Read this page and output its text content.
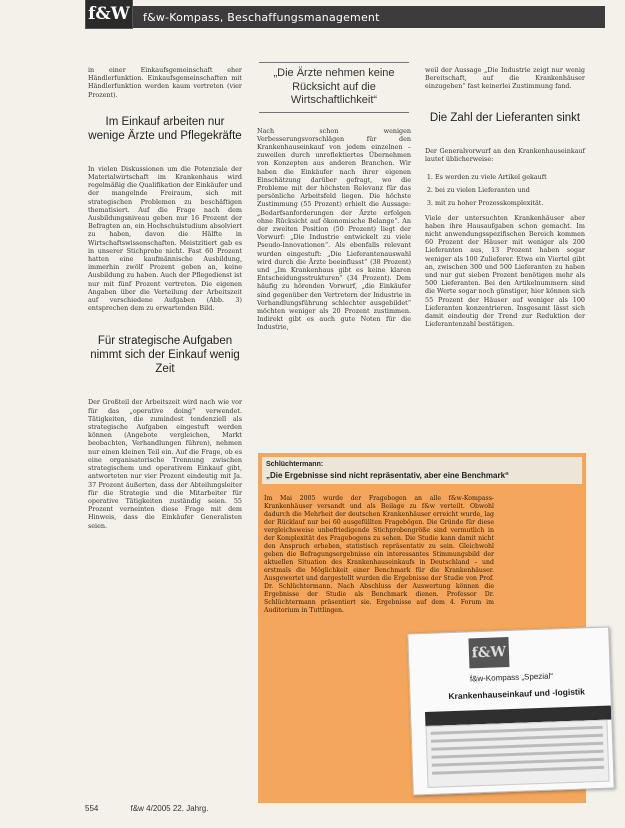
f&W f&w-Kompass, Beschaffungsmanagement

in einer Einkaufsgemeinschaft eher Händlerfunktion. Einkaufsgemeinschaften mit Händlerfunktion werden kaum vertreten (vier Prozent).

Im Einkauf arbeiten nur wenige Ärzte und Pflegekräfte

In vielen Diskussionen um die Potenziale der Materialwirtschaft im Krankenhaus wird regelmäßig die Qualifikation der Einkäufer und der mangelnde Freiraum, sich mit strategischen Problemen zu beschäftigen thematisiert. Auf die Frage nach dem Ausbildungsniveau geben nur 16 Prozent der Befragten an, ein Hochschulstudium absolviert zu haben, davon die Hälfte in Wirtschaftswissenschaften. Meistzitiert gab es in unserer Stichprobe nicht. Fast 60 Prozent hatten eine kaufmännische Ausbildung, immerhin zwölf Prozent geben an, keine Ausbildung zu haben. Auch der Pflegedienst ist nur mit fünf Prozent vertreten. Die eigenen Angaben über die Verteilung der Arbeitszeit auf verschiedene Aufgaben (Abb. 3) entsprechen dem zu erwartenden Bild.

Für strategische Aufgaben nimmt sich der Einkauf wenig Zeit

Der Großteil der Arbeitszeit wird nach wie vor für das „operative doing“ verwendet. Tätigkeiten, die zumindest tendenziell als strategische Aufgaben eingestuft werden können (Angebote vergleichen, Markt beobachten, Verhandlungen führen), nehmen nur einen kleinen Teil ein. Auf die Frage, ob es eine organisatorische Trennung zwischen strategischem und operativem Einkauf gibt, antworteten nur vier Prozent eindeutig mit Ja. 37 Prozent äußerten, dass der Abteilungsleiter für die Strategie und die Mitarbeiter für operative Tätigkeiten zuständig seien. 55 Prozent verneinten diese Frage mit dem Hinweis, dass die Einkäufer Generalisten seien.

„Die Ärzte nehmen keine Rücksicht auf die Wirtschaftlichkeit“

Nach schon wenigen Verbesserungsvorschlägen für den Krankenhauseinkauf von jedem einzelnen – zuweilen durch unreflektiertes Übernehmen von Konzepten aus anderen Branchen. Wir haben die Einkäufer nach ihrer eigenen Einschätzung darüber gefragt, wo die Probleme mit der höchsten Relevanz für das persönliche Arbeitsfeld liegen. Die höchste Zustimmung (55 Prozent) erhielt die Aussage: „Bedarfsanforderungen der Ärzte erfolgen ohne Rücksicht auf ökonomische Belange“. An der zweiten Position (50 Prozent) liegt der Vorwurf: „Die Industrie entwickelt zu viele Pseudo-Innovationen“. Als ebenfalls relevant wurden eingestuft: „Die Lieferantenauswahl wird durch die Ärzte beeinflusst“ (38 Prozent) und „Im Krankenhaus gibt es keine klaren Entscheidungsstrukturen“ (34 Prozent). Dem häufig zu hörenden Vorwurf, „die Einkäufer sind gegenüber den Vertretern der Industrie in Verhandlungsführung schlechter ausgebildet“ möchten weniger als 20 Prozent zustimmen. Indirekt gibt es auch gute Noten für die Industrie,

weil der Aussage „Die Industrie zeigt nur wenig Bereitschaft, auf die Krankenhäuser einzugehen“ fast keinerlei Zustimmung fand.

Die Zahl der Lieferanten sinkt

Der Generalvorwurf an den Krankenhauseinkauf lautet üblicherweise:

1. Es werden zu viele Artikel gekauft
2. bei zu vielen Lieferanten und
3. mit zu hoher Prozesskomplexität.

Viele der untersuchten Krankenhäuser aber haben ihre Hausaufgaben schon gemacht. Im nicht anwendungsspezifischen Bereich kommen 60 Prozent der Häuser mit weniger als 200 Lieferanten aus, 13 Prozent haben sogar weniger als 100 Zulieferer. Etwa ein Viertel gibt an, zwischen 300 und 500 Lieferanten zu haben und nur gut sieben Prozent benötigen mehr als 500 Lieferanten. Bei den Artikelnummern sind die Werte sogar noch günstiger, hier können sich 55 Prozent der Häuser auf weniger als 100 Lieferanten konzentrieren. Insgesamt lässt sich damit eindeutig der Trend zur Reduktion der Lieferantenzahl bestätigen.

Schlüchtermann:
„Die Ergebnisse sind nicht repräsentativ, aber eine Benchmark“
Im Mai 2005 wurde der Fragebogen an alle f&w-Kompass-Krankenhäuser versandt und als Beilage zu f&w verteilt. Obwohl dadurch die Mehrheit der deutschen Krankenhäuser erreicht wurde, lag der Rücklauf nur bei 60 ausgefüllten Fragebögen. Die Gründe für diese vergleichsweise unbefriedigende Stichprobengröße sind vermutlich in der Komplexität des Fragebogens zu sehen. Die Studie kann damit nicht den Anspruch erheben, statistisch repräsentativ zu sein. Gleichwohl geben die Befragungsergebnisse ein interessantes Stimmungsbild der aktuellen Situation des Krankenhauseinkaufs in Deutschland – und erstmals die Möglichkeit einer Benchmark für die Krankenhäuser. Ausgewertet und dargestellt wurden die Ergebnisse der Studie von Prof. Dr. Schlüchtermann. Nach Abschluss der Auswertung können die Ergebnisse der Studie als Benchmark dienen. Professor Dr. Schlüchtermann präsentiert sie. Ergebnisse auf dem 4. Forum im Auditorium in Tuttlingen.
f&W
f&w-Kompass „Spezial“
Krankenhauseinkauf und -logistik
554	f&w 4/2005 22. Jahrg.
